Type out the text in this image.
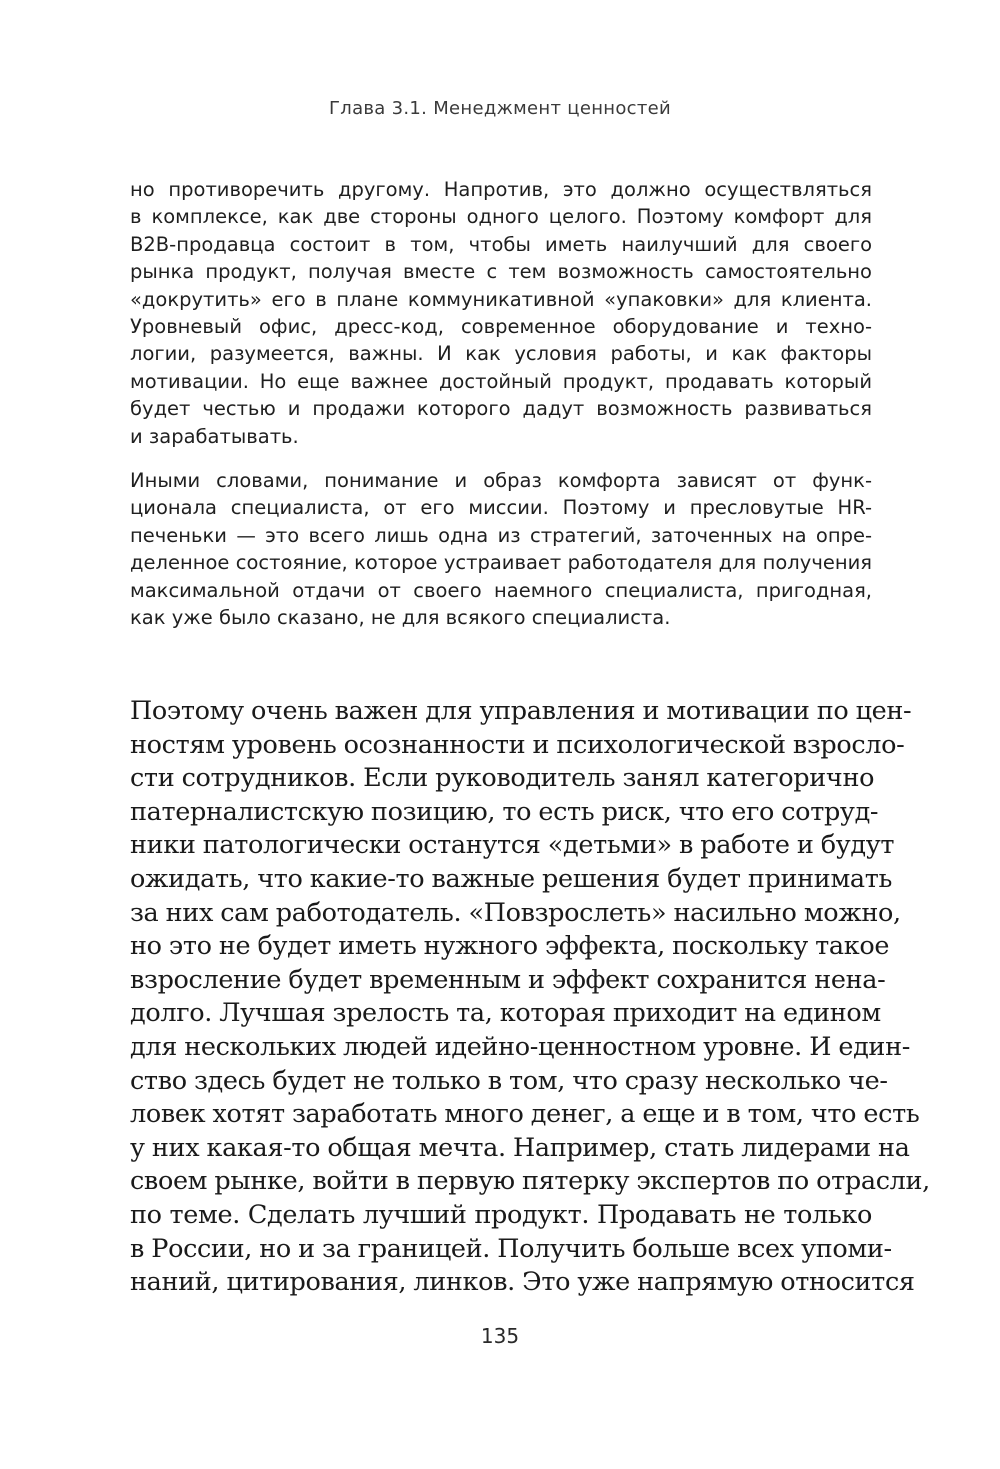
Глава 3.1. Менеджмент ценностей
но противоречить другому. Напротив, это должно осуществляться
в комплексе, как две стороны одного целого. Поэтому комфорт для
B2B-продавца состоит в том, чтобы иметь наилучший для своего
рынка продукт, получая вместе с тем возможность самостоятельно
«докрутить» его в плане коммуникативной «упаковки» для клиента.
Уровневый офис, дресс-код, современное оборудование и техно-
логии, разумеется, важны. И как условия работы, и как факторы
мотивации. Но еще важнее достойный продукт, продавать который
будет честью и продажи которого дадут возможность развиваться
и зарабатывать.
Иными словами, понимание и образ комфорта зависят от функ-
ционала специалиста, от его миссии. Поэтому и пресловутые HR-
печеньки — это всего лишь одна из стратегий, заточенных на опре-
деленное состояние, которое устраивает работодателя для получения
максимальной отдачи от своего наемного специалиста, пригодная,
как уже было сказано, не для всякого специалиста.
Поэтому очень важен для управления и мотивации по цен-
ностям уровень осознанности и психологической взросло-
сти сотрудников. Если руководитель занял категорично
патерналистскую позицию, то есть риск, что его сотруд-
ники патологически останутся «детьми» в работе и будут
ожидать, что какие-то важные решения будет принимать
за них сам работодатель. «Повзрослеть» насильно можно,
но это не будет иметь нужного эффекта, поскольку такое
взросление будет временным и эффект сохранится нена-
долго. Лучшая зрелость та, которая приходит на едином
для нескольких людей идейно-ценностном уровне. И един-
ство здесь будет не только в том, что сразу несколько че-
ловек хотят заработать много денег, а еще и в том, что есть
у них какая-то общая мечта. Например, стать лидерами на
своем рынке, войти в первую пятерку экспертов по отрасли,
по теме. Сделать лучший продукт. Продавать не только
в России, но и за границей. Получить больше всех упоми-
наний, цитирования, линков. Это уже напрямую относится
135
